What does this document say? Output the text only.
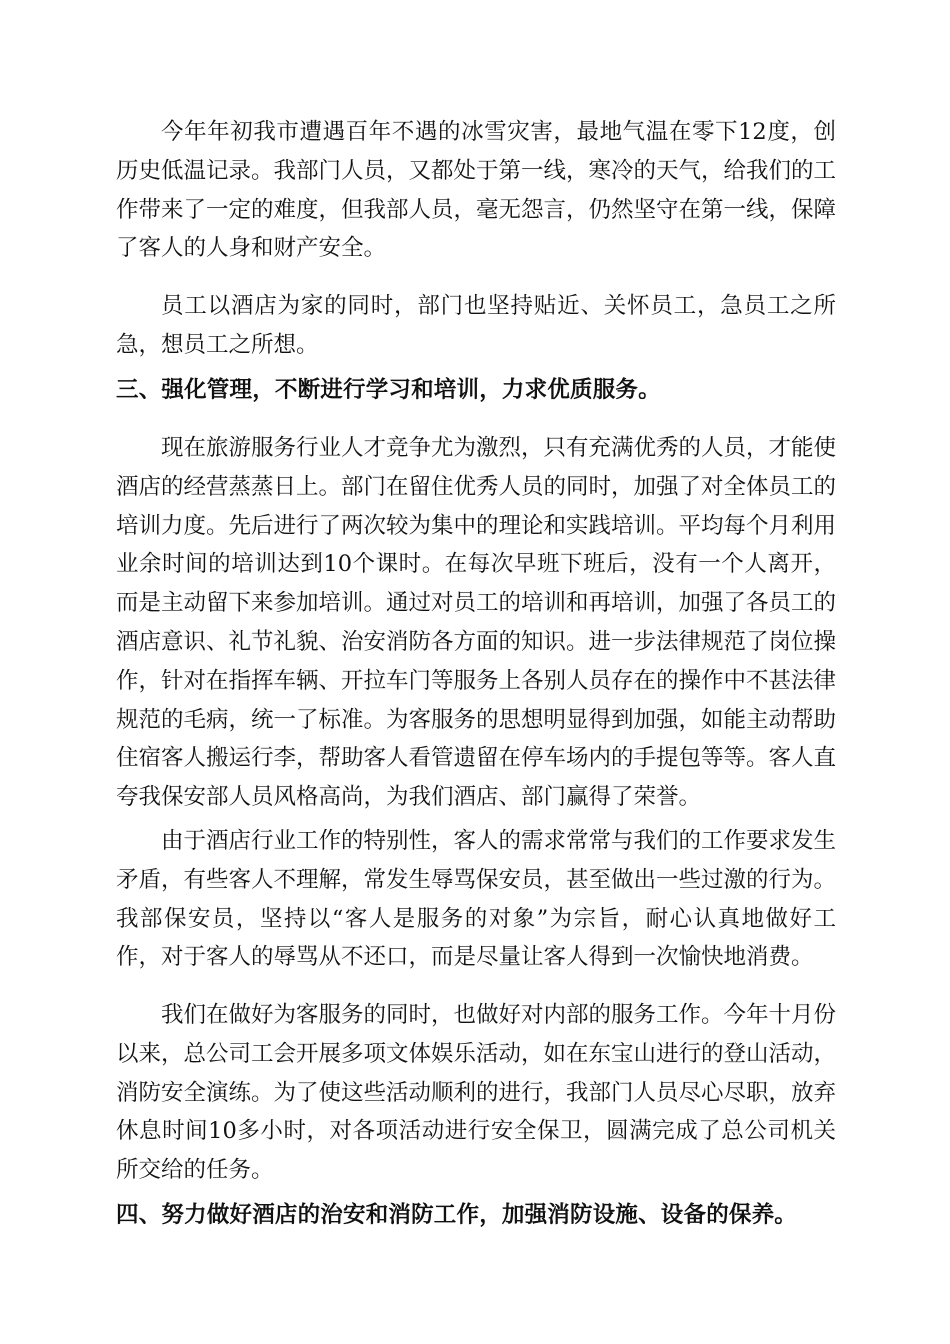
今年年初我市遭遇百年不遇的冰雪灾害，最地气温在零下12度，创历史低温记录。我部门人员，又都处于第一线，寒冷的天气，给我们的工作带来了一定的难度，但我部人员，毫无怨言，仍然坚守在第一线，保障了客人的人身和财产安全。

员工以酒店为家的同时，部门也坚持贴近、关怀员工，急员工之所急，想员工之所想。

三、强化管理，不断进行学习和培训，力求优质服务。

现在旅游服务行业人才竞争尤为激烈，只有充满优秀的人员，才能使酒店的经营蒸蒸日上。部门在留住优秀人员的同时，加强了对全体员工的培训力度。先后进行了两次较为集中的理论和实践培训。平均每个月利用业余时间的培训达到10个课时。在每次早班下班后，没有一个人离开，而是主动留下来参加培训。通过对员工的培训和再培训，加强了各员工的酒店意识、礼节礼貌、治安消防各方面的知识。进一步法律规范了岗位操作，针对在指挥车辆、开拉车门等服务上各别人员存在的操作中不甚法律规范的毛病，统一了标准。为客服务的思想明显得到加强，如能主动帮助住宿客人搬运行李，帮助客人看管遗留在停车场内的手提包等等。客人直夸我保安部人员风格高尚，为我们酒店、部门赢得了荣誉。

由于酒店行业工作的特别性，客人的需求常常与我们的工作要求发生矛盾，有些客人不理解，常发生辱骂保安员，甚至做出一些过激的行为。我部保安员，坚持以“客人是服务的对象”为宗旨，耐心认真地做好工作，对于客人的辱骂从不还口，而是尽量让客人得到一次愉快地消费。

我们在做好为客服务的同时，也做好对内部的服务工作。今年十月份以来，总公司工会开展多项文体娱乐活动，如在东宝山进行的登山活动，消防安全演练。为了使这些活动顺利的进行，我部门人员尽心尽职，放弃休息时间10多小时，对各项活动进行安全保卫，圆满完成了总公司机关所交给的任务。

四、努力做好酒店的治安和消防工作，加强消防设施、设备的保养。
